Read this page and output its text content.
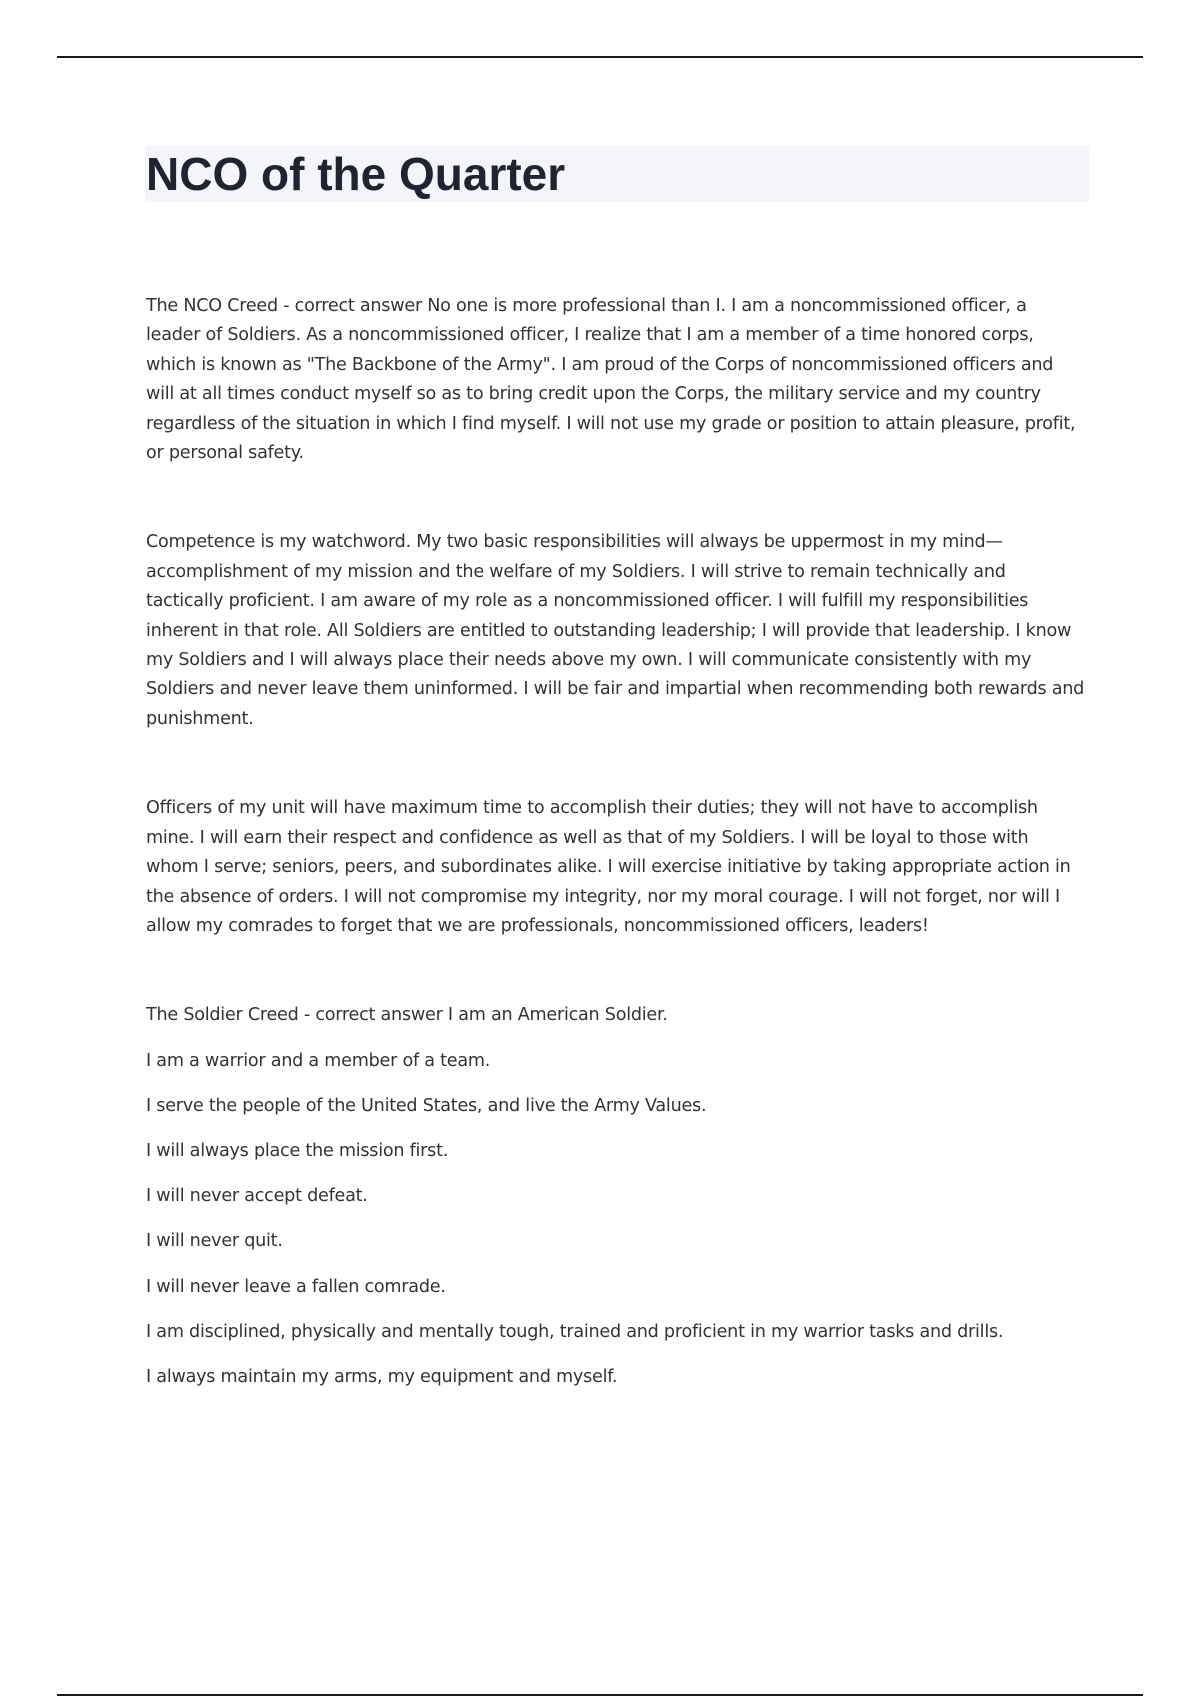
NCO of the Quarter

The NCO Creed - correct answer No one is more professional than I. I am a noncommissioned officer, a leader of Soldiers. As a noncommissioned officer, I realize that I am a member of a time honored corps, which is known as "The Backbone of the Army". I am proud of the Corps of noncommissioned officers and will at all times conduct myself so as to bring credit upon the Corps, the military service and my country regardless of the situation in which I find myself. I will not use my grade or position to attain pleasure, profit, or personal safety.

Competence is my watchword. My two basic responsibilities will always be uppermost in my mind—accomplishment of my mission and the welfare of my Soldiers. I will strive to remain technically and tactically proficient. I am aware of my role as a noncommissioned officer. I will fulfill my responsibilities inherent in that role. All Soldiers are entitled to outstanding leadership; I will provide that leadership. I know my Soldiers and I will always place their needs above my own. I will communicate consistently with my Soldiers and never leave them uninformed. I will be fair and impartial when recommending both rewards and punishment.

Officers of my unit will have maximum time to accomplish their duties; they will not have to accomplish mine. I will earn their respect and confidence as well as that of my Soldiers. I will be loyal to those with whom I serve; seniors, peers, and subordinates alike. I will exercise initiative by taking appropriate action in the absence of orders. I will not compromise my integrity, nor my moral courage. I will not forget, nor will I allow my comrades to forget that we are professionals, noncommissioned officers, leaders!

The Soldier Creed - correct answer I am an American Soldier.

I am a warrior and a member of a team.

I serve the people of the United States, and live the Army Values.

I will always place the mission first.

I will never accept defeat.

I will never quit.

I will never leave a fallen comrade.

I am disciplined, physically and mentally tough, trained and proficient in my warrior tasks and drills.

I always maintain my arms, my equipment and myself.
